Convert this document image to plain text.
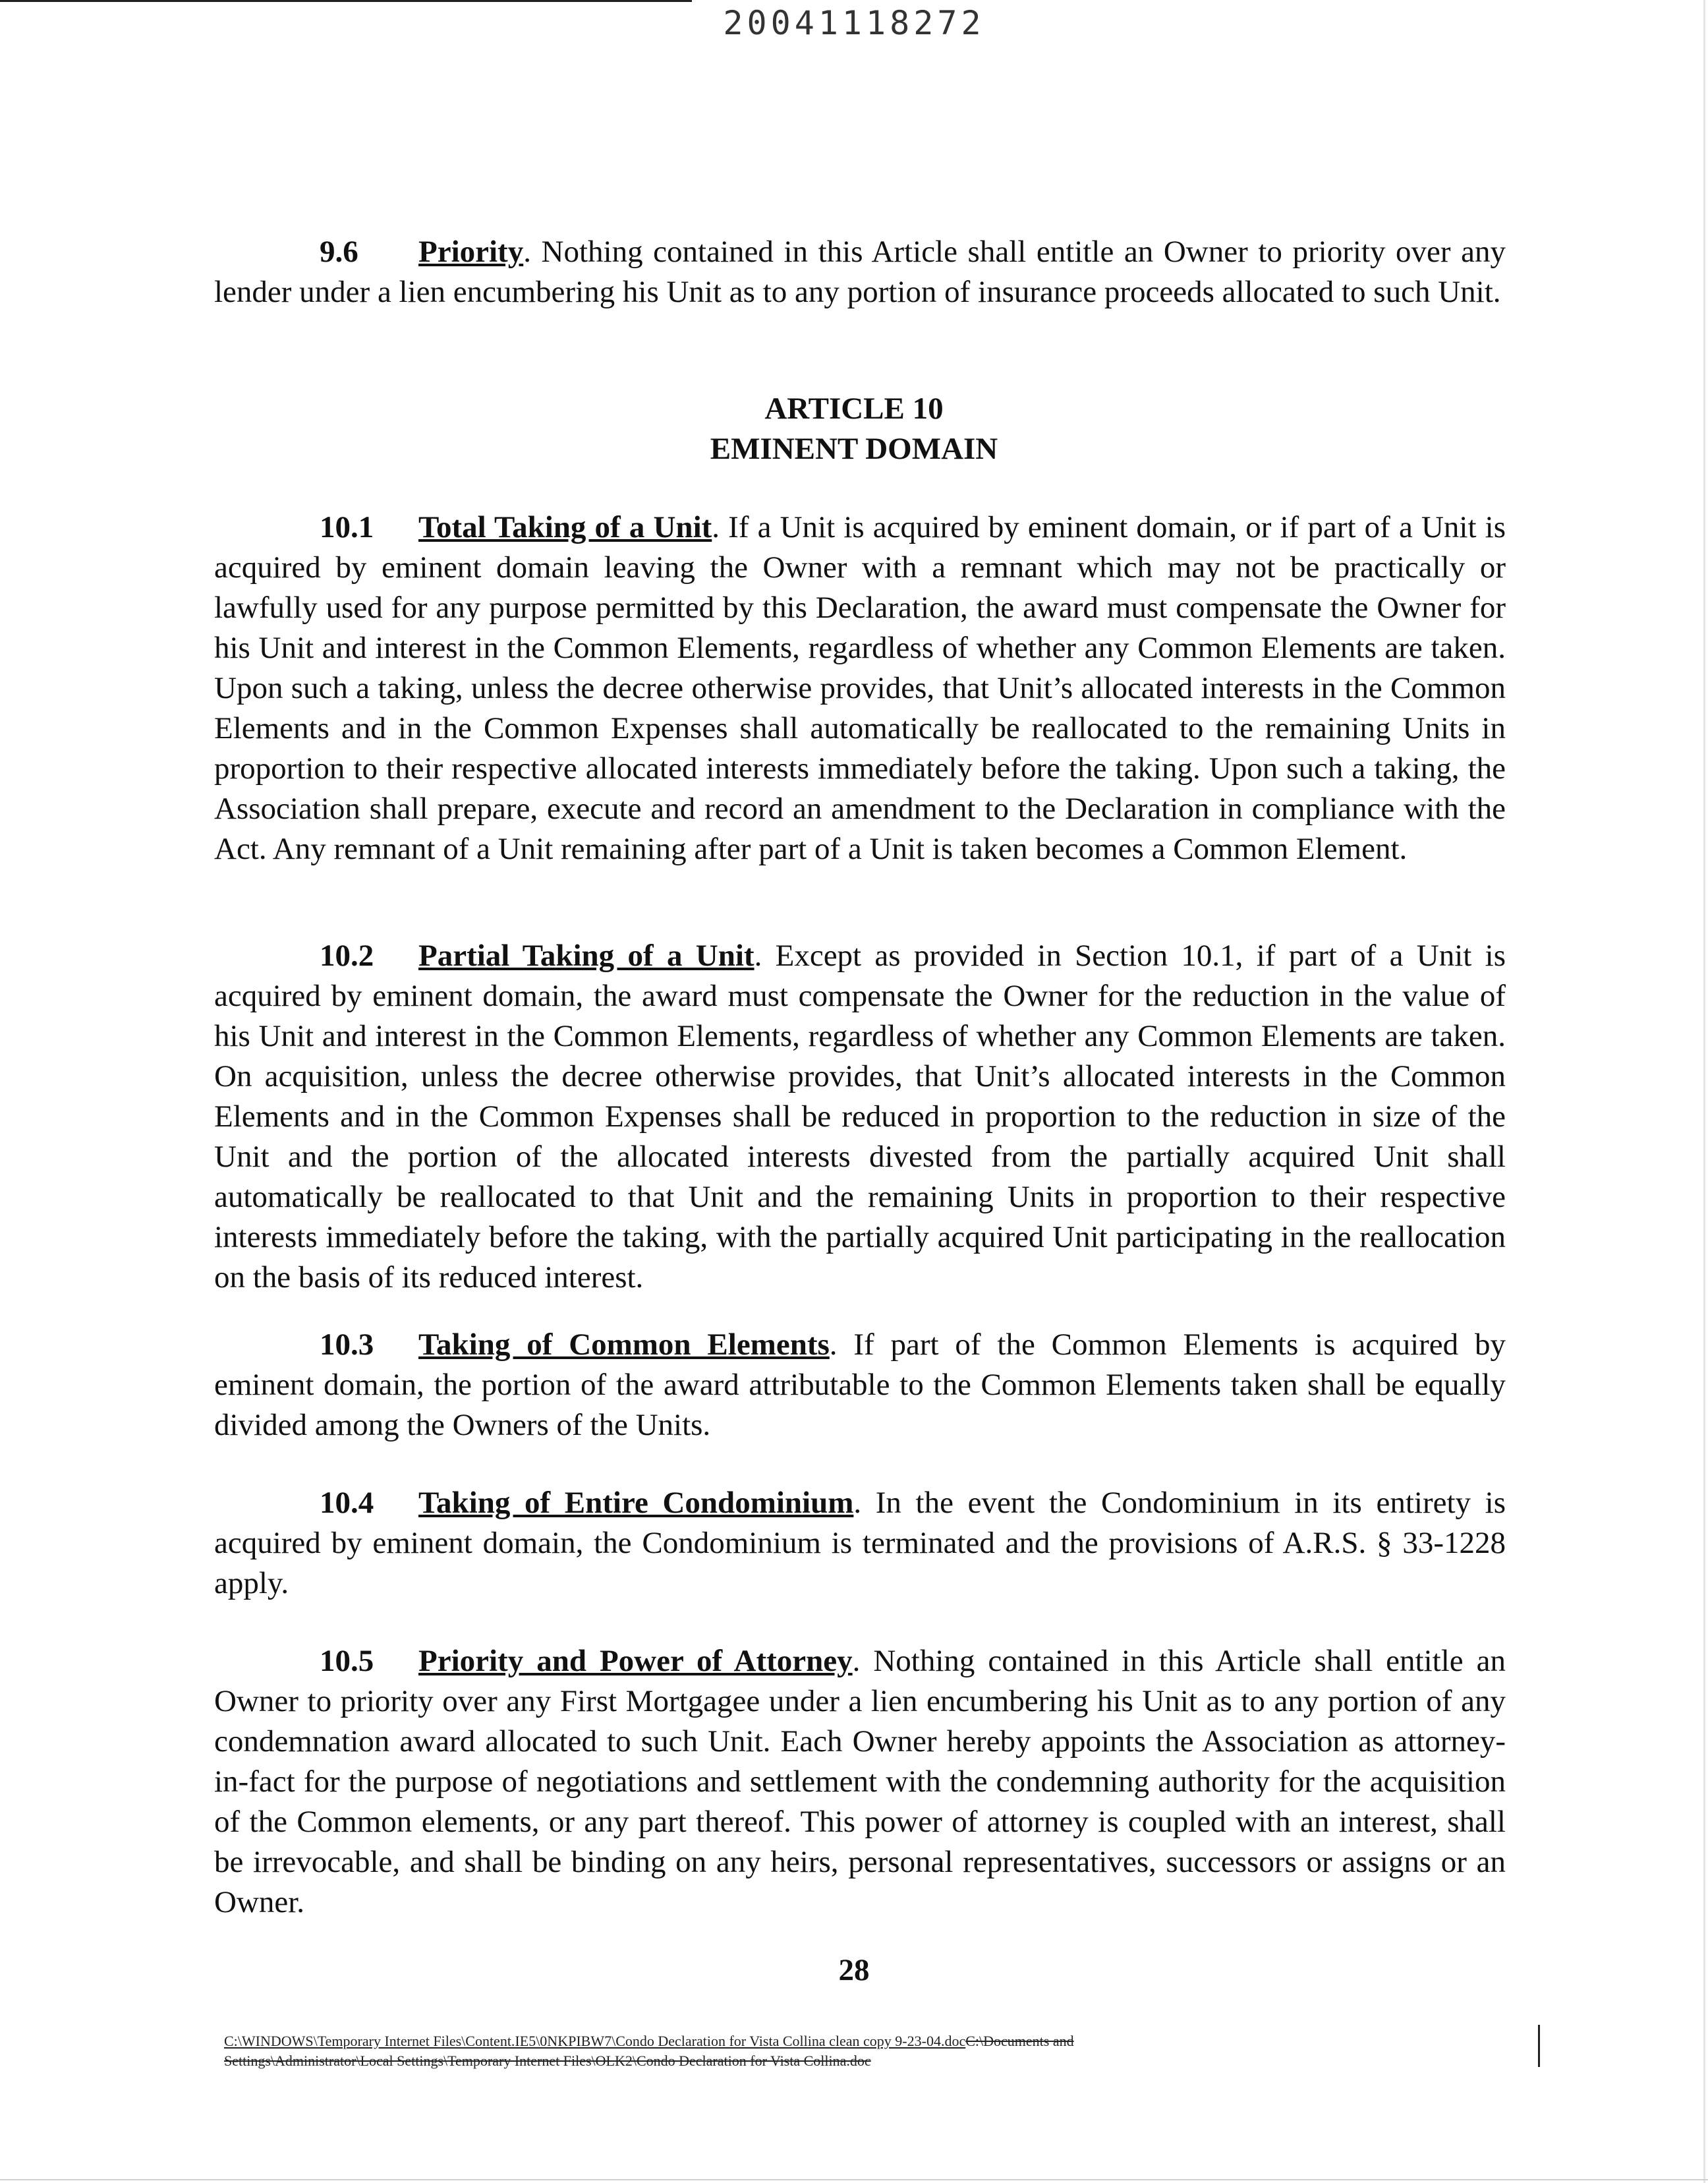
20041118272

9.6 Priority. Nothing contained in this Article shall entitle an Owner to priority over any lender under a lien encumbering his Unit as to any portion of insurance proceeds allocated to such Unit.

ARTICLE 10
EMINENT DOMAIN

10.1 Total Taking of a Unit. If a Unit is acquired by eminent domain, or if part of a Unit is acquired by eminent domain leaving the Owner with a remnant which may not be practically or lawfully used for any purpose permitted by this Declaration, the award must compensate the Owner for his Unit and interest in the Common Elements, regardless of whether any Common Elements are taken. Upon such a taking, unless the decree otherwise provides, that Unit’s allocated interests in the Common Elements and in the Common Expenses shall automatically be reallocated to the remaining Units in proportion to their respective allocated interests immediately before the taking. Upon such a taking, the Association shall prepare, execute and record an amendment to the Declaration in compliance with the Act. Any remnant of a Unit remaining after part of a Unit is taken becomes a Common Element.

10.2 Partial Taking of a Unit. Except as provided in Section 10.1, if part of a Unit is acquired by eminent domain, the award must compensate the Owner for the reduction in the value of his Unit and interest in the Common Elements, regardless of whether any Common Elements are taken. On acquisition, unless the decree otherwise provides, that Unit’s allocated interests in the Common Elements and in the Common Expenses shall be reduced in proportion to the reduction in size of the Unit and the portion of the allocated interests divested from the partially acquired Unit shall automatically be reallocated to that Unit and the remaining Units in proportion to their respective interests immediately before the taking, with the partially acquired Unit participating in the reallocation on the basis of its reduced interest.

10.3 Taking of Common Elements. If part of the Common Elements is acquired by eminent domain, the portion of the award attributable to the Common Elements taken shall be equally divided among the Owners of the Units.

10.4 Taking of Entire Condominium. In the event the Condominium in its entirety is acquired by eminent domain, the Condominium is terminated and the provisions of A.R.S. § 33-1228 apply.

10.5 Priority and Power of Attorney. Nothing contained in this Article shall entitle an Owner to priority over any First Mortgagee under a lien encumbering his Unit as to any portion of any condemnation award allocated to such Unit. Each Owner hereby appoints the Association as attorney-in-fact for the purpose of negotiations and settlement with the condemning authority for the acquisition of the Common elements, or any part thereof. This power of attorney is coupled with an interest, shall be irrevocable, and shall be binding on any heirs, personal representatives, successors or assigns or an Owner.

28
C:\WINDOWS\Temporary Internet Files\Content.IE5\0NKPIBW7\Condo Declaration for Vista Collina clean copy 9-23-04.docC:\Documents and
Settings\Administrator\Local Settings\Temporary Internet Files\OLK2\Condo Declaration for Vista Collina.doc
